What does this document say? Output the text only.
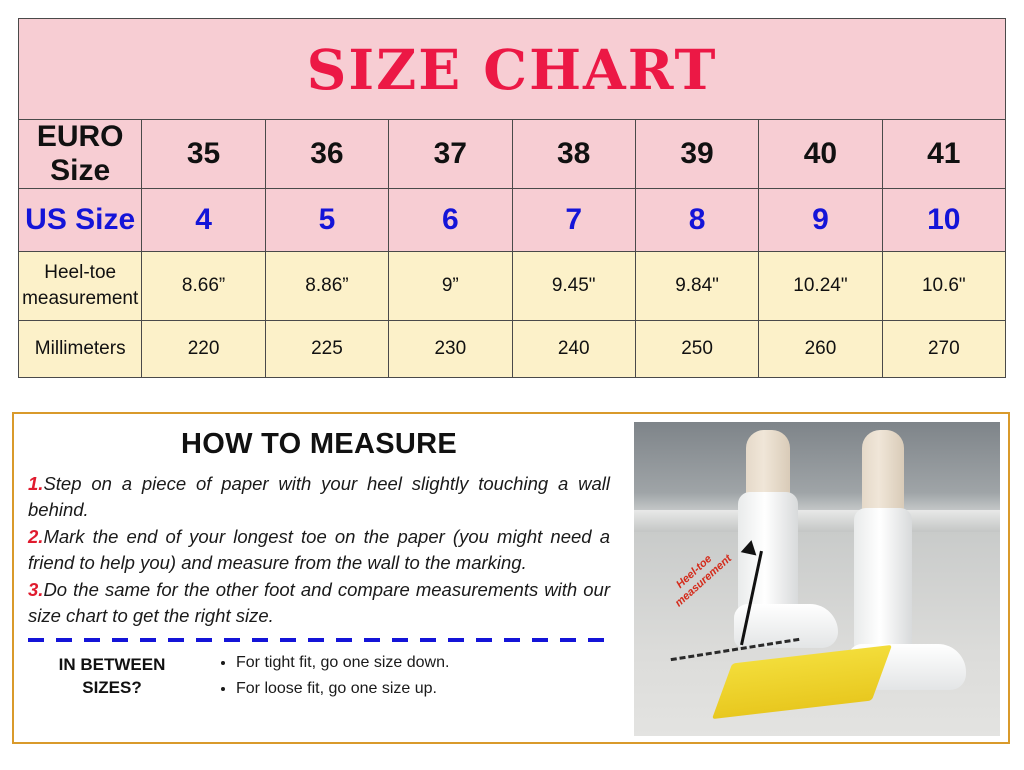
SIZE CHART							
EURO Size	35	36	37	38	39	40	41
US Size	4	5	6	7	8	9	10
Heel-toe measurement	8.66”	8.86”	9”	9.45"	9.84"	10.24"	10.6"
Millimeters	220	225	230	240	250	260	270
HOW TO MEASURE
1.Step on a piece of paper with your heel slightly touching a wall behind.
2.Mark the end of your longest toe on the paper (you might need a friend to help you) and measure from the wall to the marking.
3.Do the same for the other foot and compare measurements with our size chart to get the right size.
IN BETWEEN SIZES?
• For tight fit, go one size down.
• For loose fit, go one size up.
Heel-toe measurement
